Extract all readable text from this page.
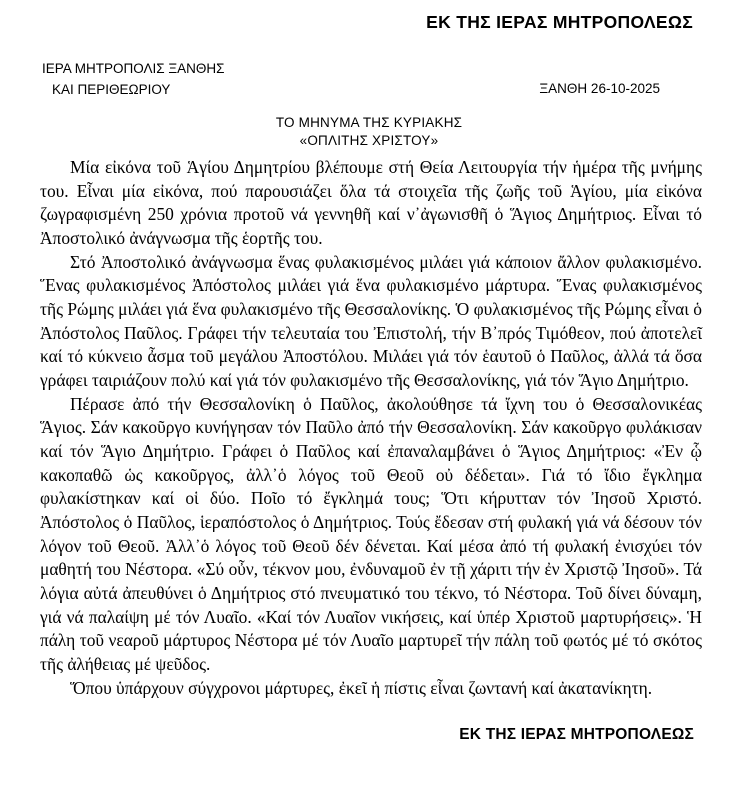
ΕΚ ΤΗΣ ΙΕΡΑΣ ΜΗΤΡΟΠΟΛΕΩΣ
ΙΕΡΑ ΜΗΤΡΟΠΟΛΙΣ ΞΑΝΘΗΣ
ΚΑΙ ΠΕΡΙΘΕΩΡΙΟΥ	ΞΑΝΘΗ 26-10-2025
ΤΟ ΜΗΝΥΜΑ ΤΗΣ ΚΥΡΙΑΚΗΣ
«ΟΠΛΙΤΗΣ ΧΡΙΣΤΟΥ»

Μία εἰκόνα τοῦ Ἁγίου Δημητρίου βλέπουμε στή Θεία Λειτουργία τήν ἡμέρα τῆς μνήμης του. Εἶναι μία εἰκόνα, πού παρουσιάζει ὅλα τά στοιχεῖα τῆς ζωῆς τοῦ Ἁγίου, μία εἰκόνα ζωγραφισμένη 250 χρόνια προτοῦ νά γεννηθῆ καί ν᾽ἀγωνισθῆ ὁ Ἅγιος Δημήτριος. Εἶναι τό Ἀποστολικό ἀνάγνωσμα τῆς ἑορτῆς του.

Στό Ἀποστολικό ἀνάγνωσμα ἕνας φυλακισμένος μιλάει γιά κάποιον ἄλλον φυλακισμένο. Ἕνας φυλακισμένος Ἀπόστολος μιλάει γιά ἕνα φυλακισμένο μάρτυρα. Ἕνας φυλακισμένος τῆς Ρώμης μιλάει γιά ἕνα φυλακισμένο τῆς Θεσσαλονίκης. Ὁ φυλακισμένος τῆς Ρώμης εἶναι ὁ Ἀπόστολος Παῦλος. Γράφει τήν τελευταία του Ἐπιστολή, τήν Β᾽πρός Τιμόθεον, πού ἀποτελεῖ καί τό κύκνειο ἆσμα τοῦ μεγάλου Ἀποστόλου. Μιλάει γιά τόν ἑαυτοῦ ὁ Παῦλος, ἀλλά τά ὅσα γράφει ταιριάζουν πολύ καί γιά τόν φυλακισμένο τῆς Θεσσαλονίκης, γιά τόν Ἅγιο Δημήτριο.

Πέρασε ἀπό τήν Θεσσαλονίκη ὁ Παῦλος, ἀκολούθησε τά ἴχνη του ὁ Θεσσαλονικέας Ἅγιος. Σάν κακοῦργο κυνήγησαν τόν Παῦλο ἀπό τήν Θεσσαλονίκη. Σάν κακοῦργο φυλάκισαν καί τόν Ἅγιο Δημήτριο. Γράφει ὁ Παῦλος καί ἐπαναλαμβάνει ὁ Ἅγιος Δημήτριος: «Ἐν ᾧ κακοπαθῶ ὡς κακοῦργος, ἀλλ᾽ὁ λόγος τοῦ Θεοῦ οὐ δέδεται». Γιά τό ἴδιο ἔγκλημα φυλακίστηκαν καί οἱ δύο. Ποῖο τό ἔγκλημά τους; Ὅτι κήρυτταν τόν Ἰησοῦ Χριστό. Ἀπόστολος ὁ Παῦλος, ἱεραπόστολος ὁ Δημήτριος. Τούς ἔδεσαν στή φυλακή γιά νά δέσουν τόν λόγον τοῦ Θεοῦ. Ἀλλ᾽ὁ λόγος τοῦ Θεοῦ δέν δένεται. Καί μέσα ἀπό τή φυλακή ἐνισχύει τόν μαθητή του Νέστορα. «Σύ οὖν, τέκνον μου, ἐνδυναμοῦ ἐν τῇ χάριτι τήν ἐν Χριστῷ Ἰησοῦ». Τά λόγια αὐτά ἀπευθύνει ὁ Δημήτριος στό πνευματικό του τέκνο, τό Νέστορα. Τοῦ δίνει δύναμη, γιά νά παλαίψη μέ τόν Λυαῖο. «Καί τόν Λυαῖον νικήσεις, καί ὑπέρ Χριστοῦ μαρτυρήσεις». Ἡ πάλη τοῦ νεαροῦ μάρτυρος Νέστορα μέ τόν Λυαῖο μαρτυρεῖ τήν πάλη τοῦ φωτός μέ τό σκότος τῆς ἀλήθειας μέ ψεῦδος.

Ὅπου ὑπάρχουν σύγχρονοι μάρτυρες, ἐκεῖ ἡ πίστις εἶναι ζωντανή καί ἀκατανίκητη.

ΕΚ ΤΗΣ ΙΕΡΑΣ ΜΗΤΡΟΠΟΛΕΩΣ
